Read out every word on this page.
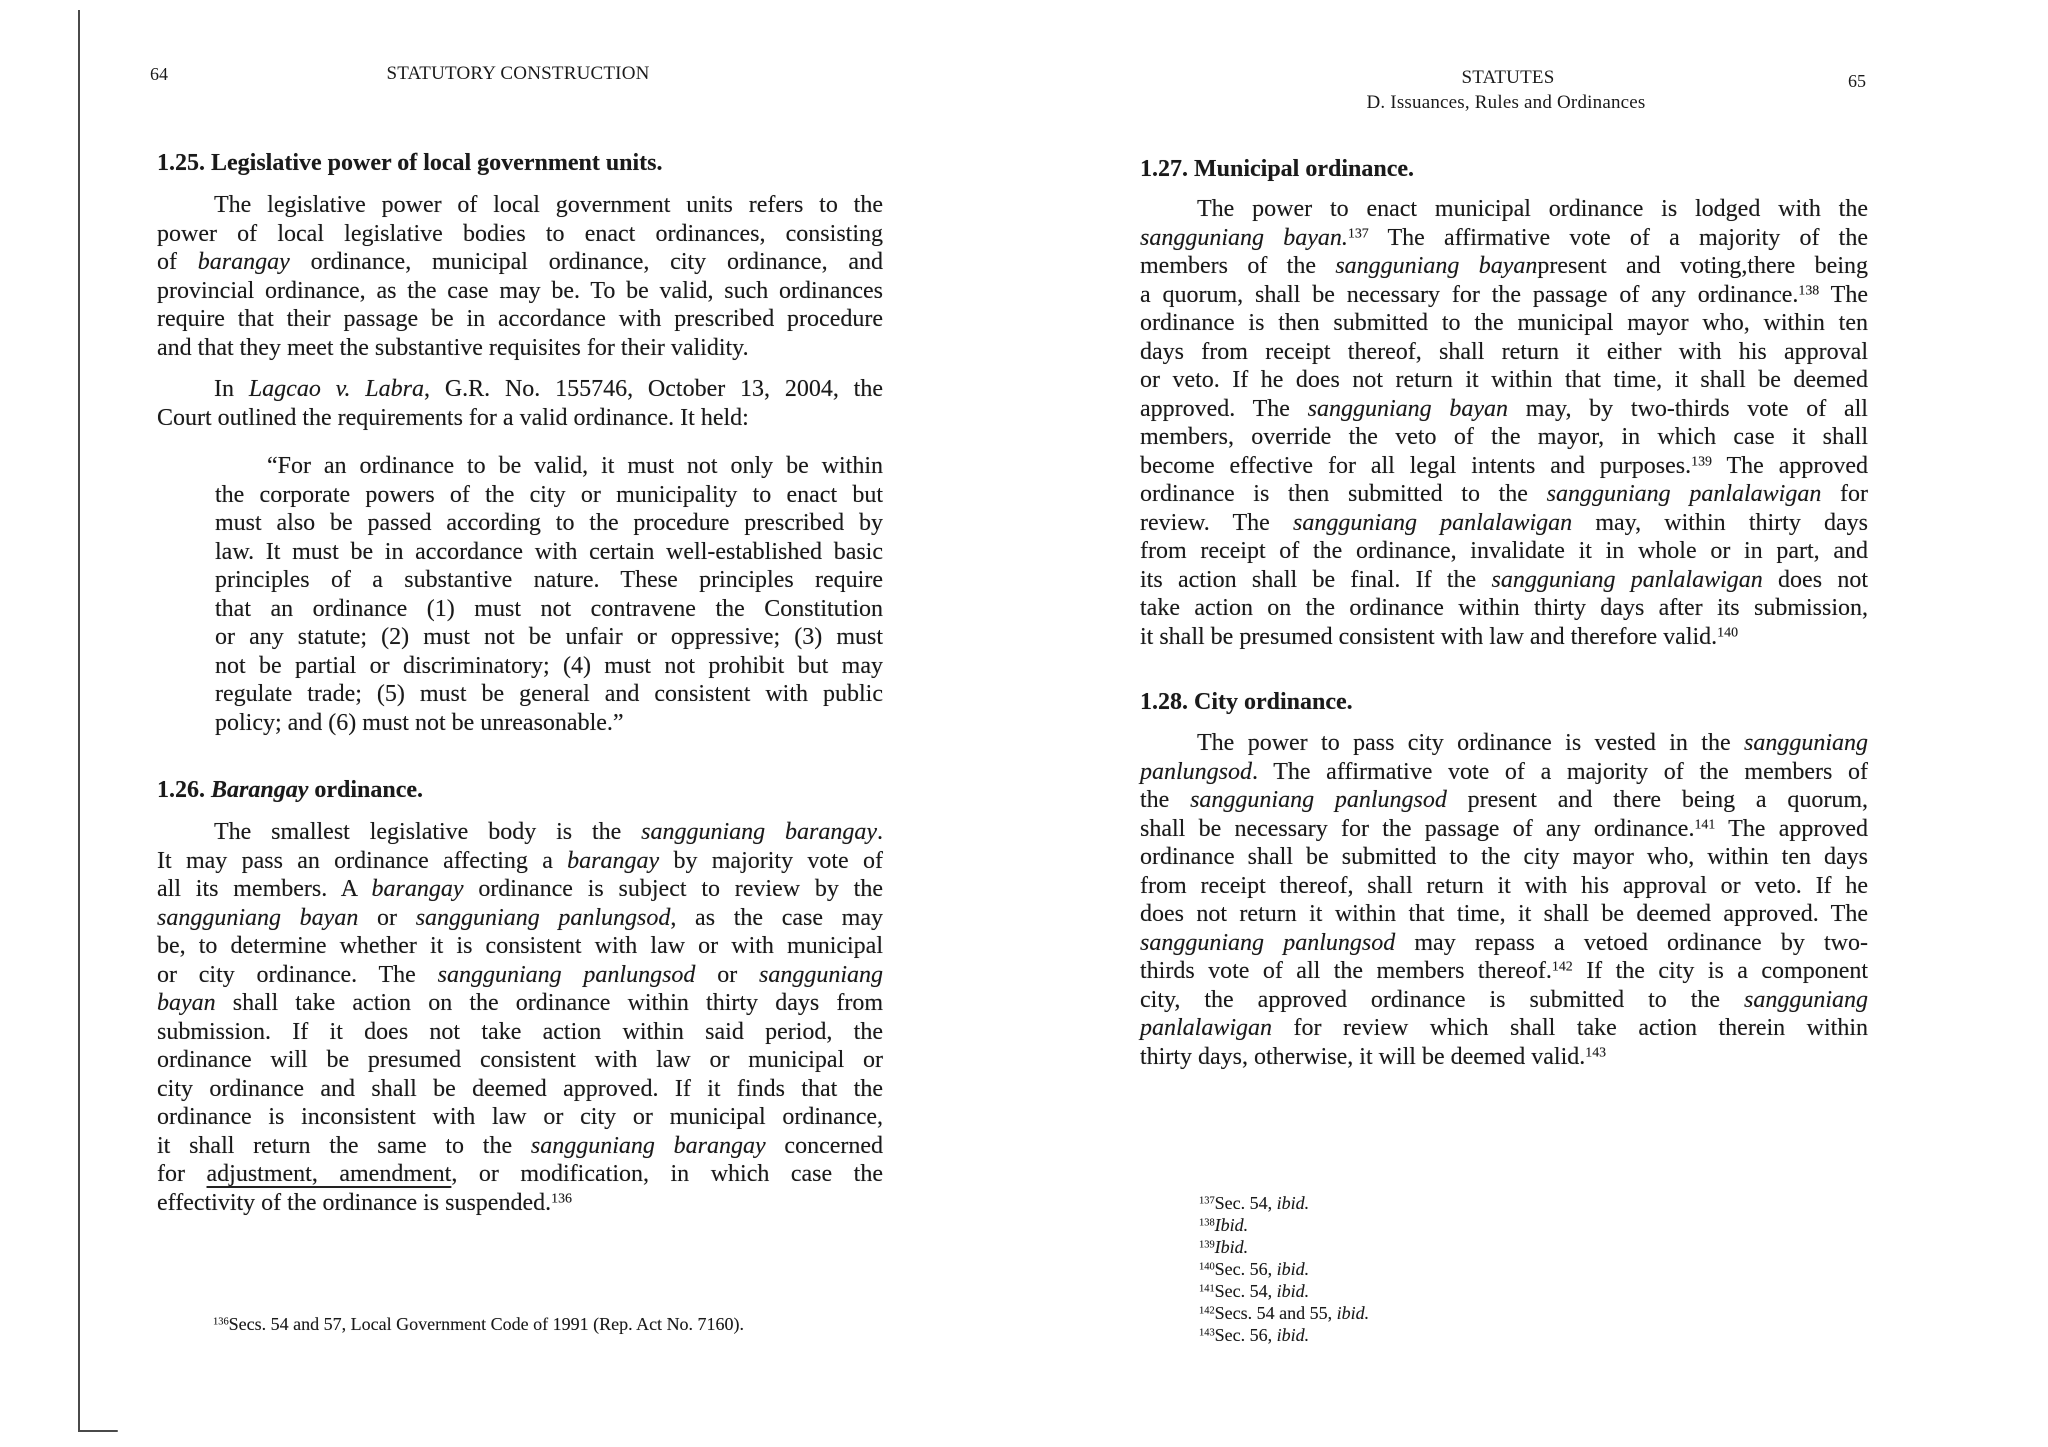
64	STATUTORY CONSTRUCTION
1.25. Legislative power of local government units.
The legislative power of local government units refers to the
power of local legislative bodies to enact ordinances, consisting
of barangay ordinance, municipal ordinance, city ordinance, and
provincial ordinance, as the case may be. To be valid, such ordinances
require that their passage be in accordance with prescribed procedure
and that they meet the substantive requisites for their validity.
In Lagcao v. Labra, G.R. No. 155746, October 13, 2004, the
Court outlined the requirements for a valid ordinance. It held:
“For an ordinance to be valid, it must not only be within
the corporate powers of the city or municipality to enact but
must also be passed according to the procedure prescribed by
law. It must be in accordance with certain well-established basic
principles of a substantive nature. These principles require
that an ordinance (1) must not contravene the Constitution
or any statute; (2) must not be unfair or oppressive; (3) must
not be partial or discriminatory; (4) must not prohibit but may
regulate trade; (5) must be general and consistent with public
policy; and (6) must not be unreasonable.”
1.26. Barangay ordinance.
The smallest legislative body is the sangguniang barangay.
It may pass an ordinance affecting a barangay by majority vote of
all its members. A barangay ordinance is subject to review by the
sangguniang bayan or sangguniang panlungsod, as the case may
be, to determine whether it is consistent with law or with municipal
or city ordinance. The sangguniang panlungsod or sangguniang
bayan shall take action on the ordinance within thirty days from
submission. If it does not take action within said period, the
ordinance will be presumed consistent with law or municipal or
city ordinance and shall be deemed approved. If it finds that the
ordinance is inconsistent with law or city or municipal ordinance,
it shall return the same to the sangguniang barangay concerned
for adjustment, amendment, or modification, in which case the
effectivity of the ordinance is suspended.$^{136}$
$^{136}$Secs. 54 and 57, Local Government Code of 1991 (Rep. Act No. 7160).
STATUTES
D. Issuances, Rules and Ordinances
65
1.27. Municipal ordinance.
The power to enact municipal ordinance is lodged with the
sangguniang bayan.$^{137}$ The affirmative vote of a majority of the
members of the sangguniang bayanpresent and voting,there being
a quorum, shall be necessary for the passage of any ordinance.$^{138}$ The
ordinance is then submitted to the municipal mayor who, within ten
days from receipt thereof, shall return it either with his approval
or veto. If he does not return it within that time, it shall be deemed
approved. The sangguniang bayan may, by two-thirds vote of all
members, override the veto of the mayor, in which case it shall
become effective for all legal intents and purposes.$^{139}$ The approved
ordinance is then submitted to the sangguniang panlalawigan for
review. The sangguniang panlalawigan may, within thirty days
from receipt of the ordinance, invalidate it in whole or in part, and
its action shall be final. If the sangguniang panlalawigan does not
take action on the ordinance within thirty days after its submission,
it shall be presumed consistent with law and therefore valid.$^{140}$
1.28. City ordinance.
The power to pass city ordinance is vested in the sangguniang
panlungsod. The affirmative vote of a majority of the members of
the sangguniang panlungsod present and there being a quorum,
shall be necessary for the passage of any ordinance.$^{141}$ The approved
ordinance shall be submitted to the city mayor who, within ten days
from receipt thereof, shall return it with his approval or veto. If he
does not return it within that time, it shall be deemed approved. The
sangguniang panlungsod may repass a vetoed ordinance by two-
thirds vote of all the members thereof.$^{142}$ If the city is a component
city, the approved ordinance is submitted to the sangguniang
panlalawigan for review which shall take action therein within
thirty days, otherwise, it will be deemed valid.$^{143}$
$^{137}$Sec. 54, ibid.
$^{138}$Ibid.
$^{139}$Ibid.
$^{140}$Sec. 56, ibid.
$^{141}$Sec. 54, ibid.
$^{142}$Secs. 54 and 55, ibid.
$^{143}$Sec. 56, ibid.
